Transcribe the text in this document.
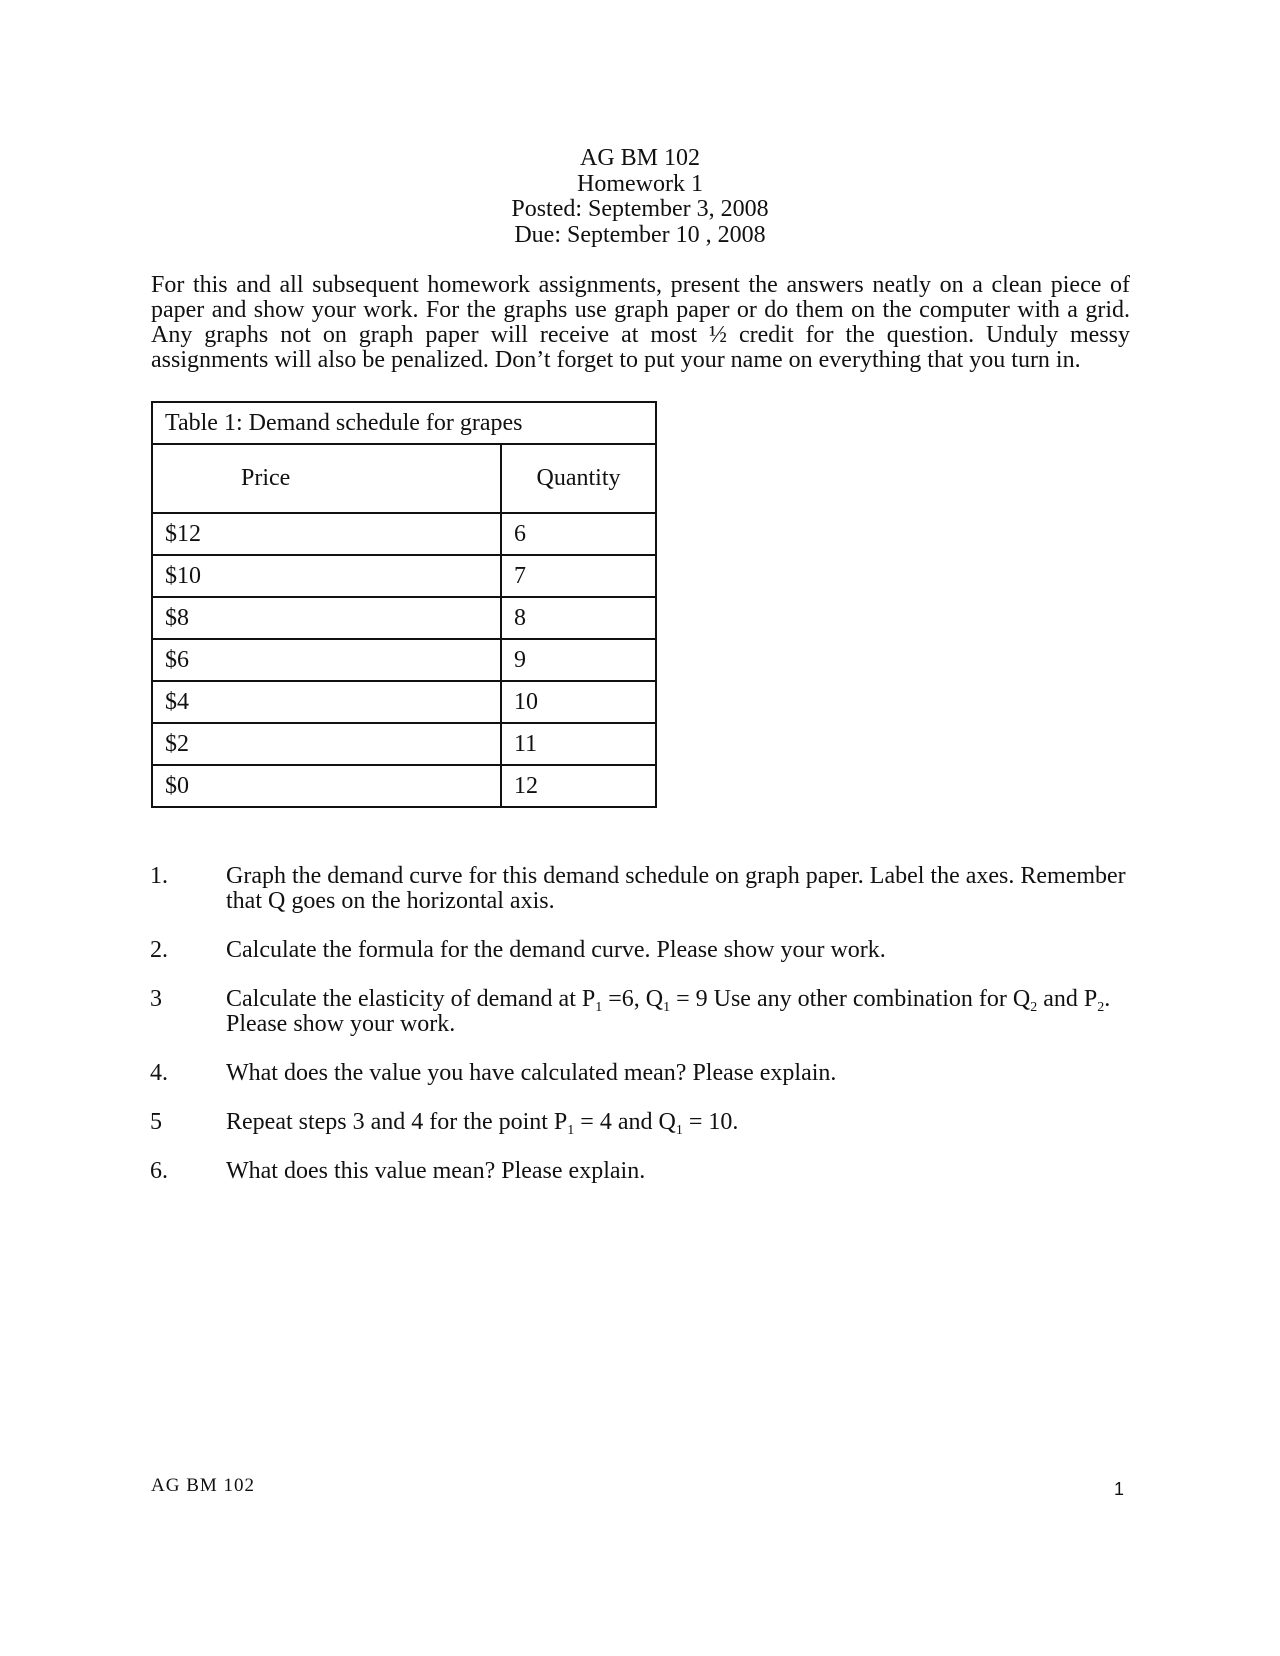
AG BM 102
Homework 1
Posted: September 3, 2008
Due: September 10 , 2008

For this and all subsequent homework assignments, present the answers neatly on a clean piece of paper and show your work. For the graphs use graph paper or do them on the computer with a grid. Any graphs not on graph paper will receive at most ½ credit for the question. Unduly messy assignments will also be penalized. Don’t forget to put your name on everything that you turn in.

Table 1: Demand schedule for grapes	
Price	Quantity
$12	6
$10	7
$8	8
$6	9
$4	10
$2	11
$0	12
1. Graph the demand curve for this demand schedule on graph paper. Label the axes. Remember that Q goes on the horizontal axis.
2. Calculate the formula for the demand curve. Please show your work.
3	Calculate the elasticity of demand at $P_1 =6$, $Q_1 = 9$ Use any other combination for $Q_2$ and $P_2$. Please show your work.
4. What does the value you have calculated mean? Please explain.
5	Repeat steps 3 and 4 for the point $P_1 = 4$ and $Q_1 = 10$.
6. What does this value mean? Please explain.
AG BM 102	1
